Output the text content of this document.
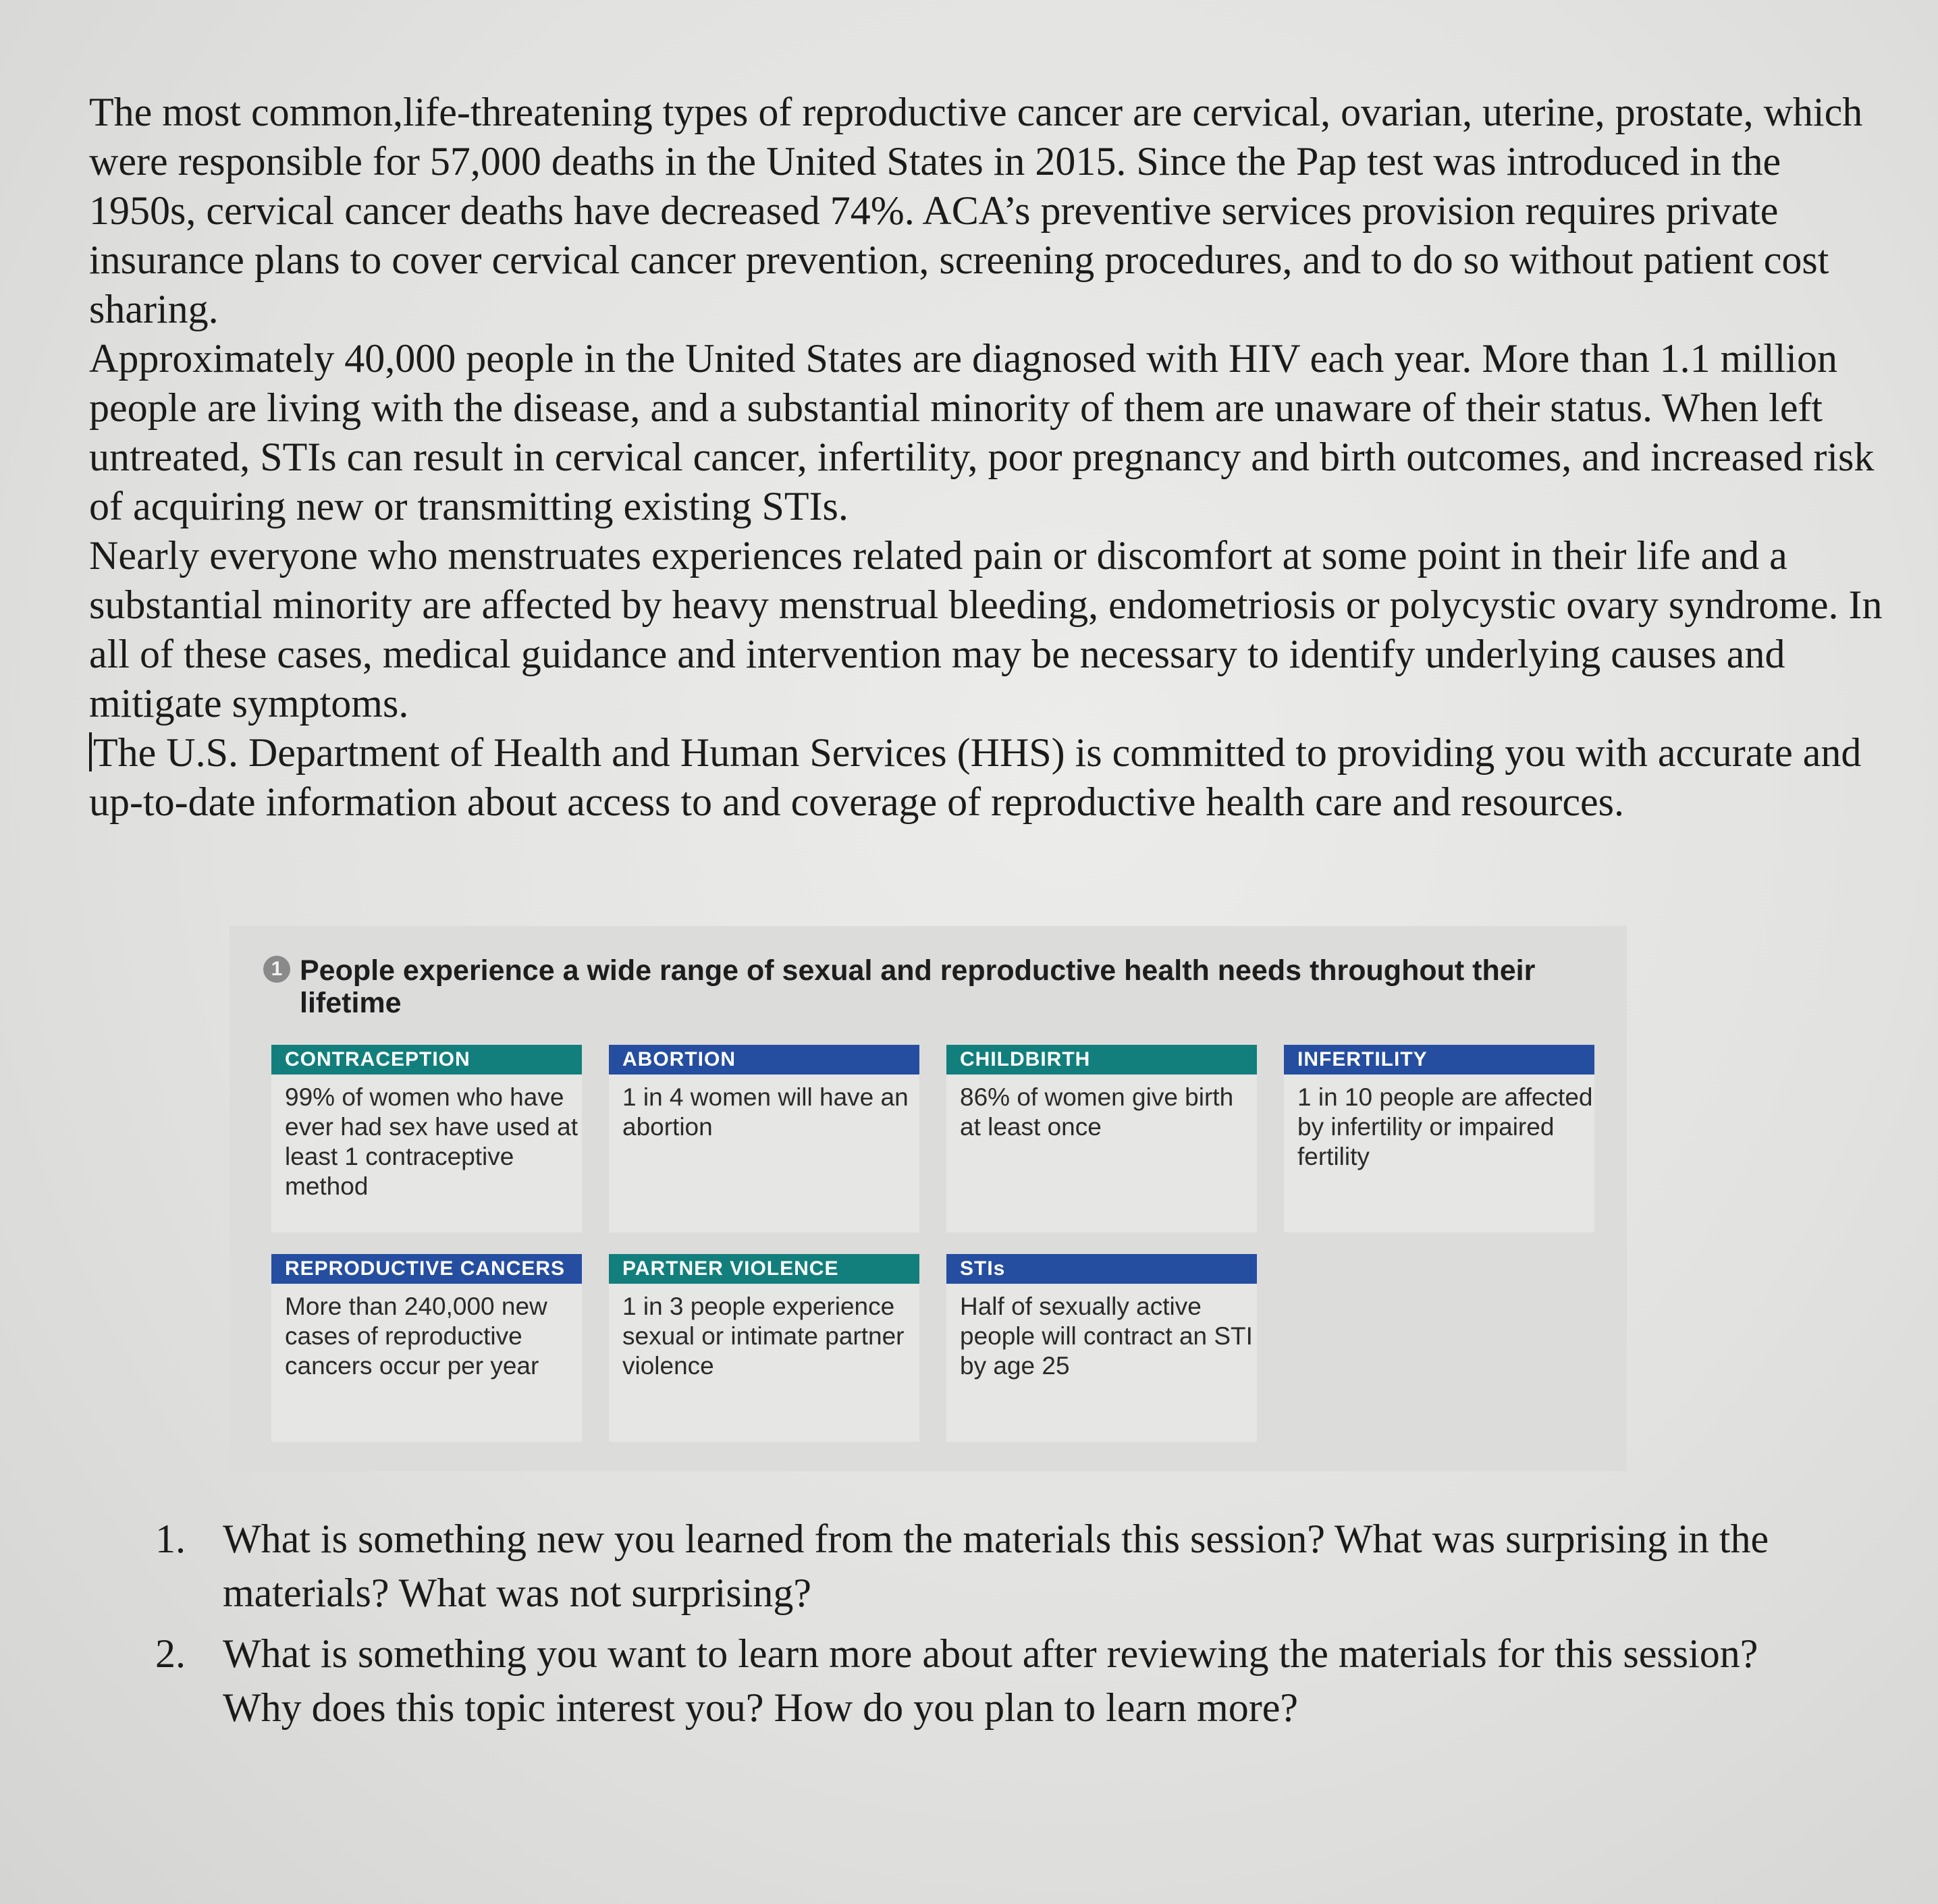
The most common,life-threatening types of reproductive cancer are cervical, ovarian, uterine, prostate, which were responsible for 57,000 deaths in the United States in 2015. Since the Pap test was introduced in the 1950s, cervical cancer deaths have decreased 74%. ACA’s preventive services provision requires private insurance plans to cover cervical cancer prevention, screening procedures, and to do so without patient cost sharing.

Approximately 40,000 people in the United States are diagnosed with HIV each year. More than 1.1 million people are living with the disease, and a substantial minority of them are unaware of their status. When left untreated, STIs can result in cervical cancer, infertility, poor pregnancy and birth outcomes, and increased risk of acquiring new or transmitting existing STIs.

Nearly everyone who menstruates experiences related pain or discomfort at some point in their life and a substantial minority are affected by heavy menstrual bleeding, endometriosis or polycystic ovary syndrome. In all of these cases, medical guidance and intervention may be necessary to identify underlying causes and mitigate symptoms.

The U.S. Department of Health and Human Services (HHS) is committed to providing you with accurate and up-to-date information about access to and coverage of reproductive health care and resources.

1 People experience a wide range of sexual and reproductive health needs throughout their lifetime
CONTRACEPTION
99% of women who have ever had sex have used at least 1 contraceptive method
ABORTION
1 in 4 women will have an abortion
CHILDBIRTH
86% of women give birth at least once
INFERTILITY
1 in 10 people are affected by infertility or impaired fertility
REPRODUCTIVE CANCERS
More than 240,000 new cases of reproductive cancers occur per year
PARTNER VIOLENCE
1 in 3 people experience sexual or intimate partner violence
STIs
Half of sexually active people will contract an STI by age 25
1. What is something new you learned from the materials this session? What was surprising in the materials? What was not surprising?
2. What is something you want to learn more about after reviewing the materials for this session? Why does this topic interest you? How do you plan to learn more?
